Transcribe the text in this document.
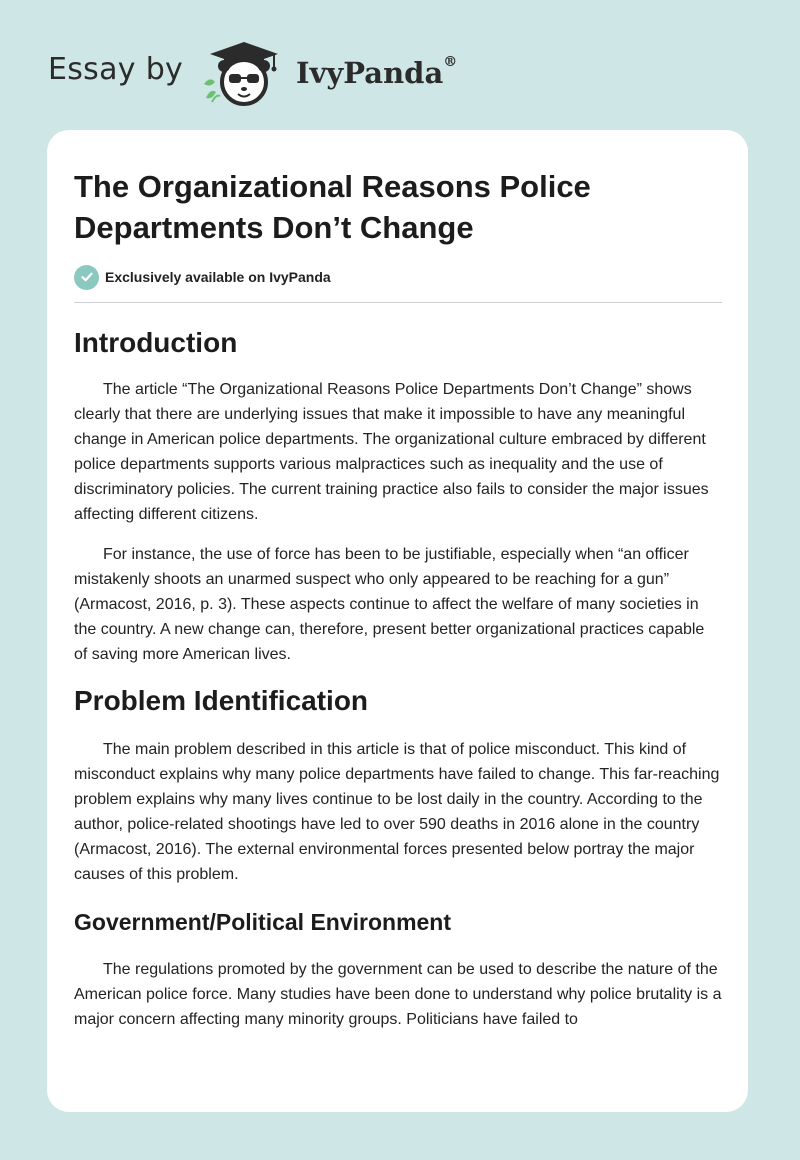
Essay by	IvyPanda®
The Organizational Reasons Police Departments Don’t Change
Exclusively available on IvyPanda
Introduction

The article “The Organizational Reasons Police Departments Don’t Change” shows clearly that there are underlying issues that make it impossible to have any meaningful change in American police departments. The organizational culture embraced by different police departments supports various malpractices such as inequality and the use of discriminatory policies. The current training practice also fails to consider the major issues affecting different citizens.

For instance, the use of force has been to be justifiable, especially when “an officer mistakenly shoots an unarmed suspect who only appeared to be reaching for a gun” (Armacost, 2016, p. 3). These aspects continue to affect the welfare of many societies in the country. A new change can, therefore, present better organizational practices capable of saving more American lives.

Problem Identification

The main problem described in this article is that of police misconduct. This kind of misconduct explains why many police departments have failed to change. This far-reaching problem explains why many lives continue to be lost daily in the country. According to the author, police-related shootings have led to over 590 deaths in 2016 alone in the country (Armacost, 2016). The external environmental forces presented below portray the major causes of this problem.

Government/Political Environment

The regulations promoted by the government can be used to describe the nature of the American police force. Many studies have been done to understand why police brutality is a major concern affecting many minority groups. Politicians have failed to
